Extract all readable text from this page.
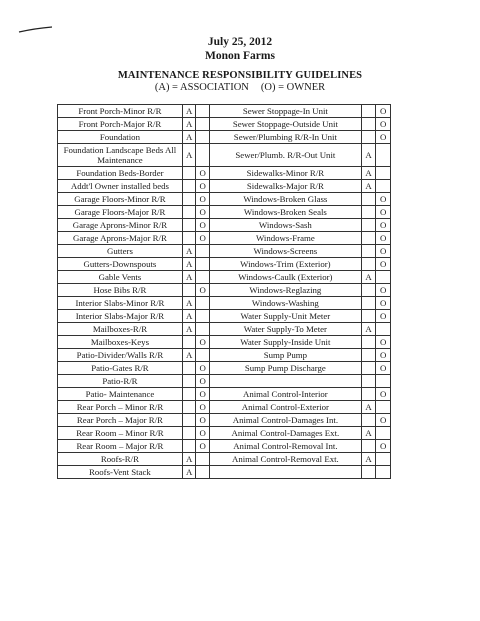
July 25, 2012
Monon Farms
MAINTENANCE RESPONSIBILITY GUIDELINES
(A) = ASSOCIATION (O) = OWNER
Front Porch-Minor R/R	A		Sewer Stoppage-In Unit		O
Front Porch-Major R/R	A		Sewer Stoppage-Outside Unit		O
Foundation	A		Sewer/Plumbing R/R-In Unit		O
Foundation Landscape Beds All Maintenance	A		Sewer/Plumb. R/R-Out Unit	A	
Foundation Beds-Border		O	Sidewalks-Minor R/R	A	
Addt'l Owner installed beds		O	Sidewalks-Major R/R	A	
Garage Floors-Minor R/R		O	Windows-Broken Glass		O
Garage Floors-Major R/R		O	Windows-Broken Seals		O
Garage Aprons-Minor R/R		O	Windows-Sash		O
Garage Aprons-Major R/R		O	Windows-Frame		O
Gutters	A		Windows-Screens		O
Gutters-Downspouts	A		Windows-Trim (Exterior)		O
Gable Vents	A		Windows-Caulk (Exterior)	A	
Hose Bibs R/R		O	Windows-Reglazing		O
Interior Slabs-Minor R/R	A		Windows-Washing		O
Interior Slabs-Major R/R	A		Water Supply-Unit Meter		O
Mailboxes-R/R	A		Water Supply-To Meter	A	
Mailboxes-Keys		O	Water Supply-Inside Unit		O
Patio-Divider/Walls R/R	A		Sump Pump		O
Patio-Gates R/R		O	Sump Pump Discharge		O
Patio-R/R		O			
Patio- Maintenance		O	Animal Control-Interior		O
Rear Porch – Minor R/R		O	Animal Control-Exterior	A	
Rear Porch – Major R/R		O	Animal Control-Damages Int.		O
Rear Room – Minor R/R		O	Animal Control-Damages Ext.	A	
Rear Room – Major R/R		O	Animal Control-Removal Int.		O
Roofs-R/R	A		Animal Control-Removal Ext.	A	
Roofs-Vent Stack	A				
